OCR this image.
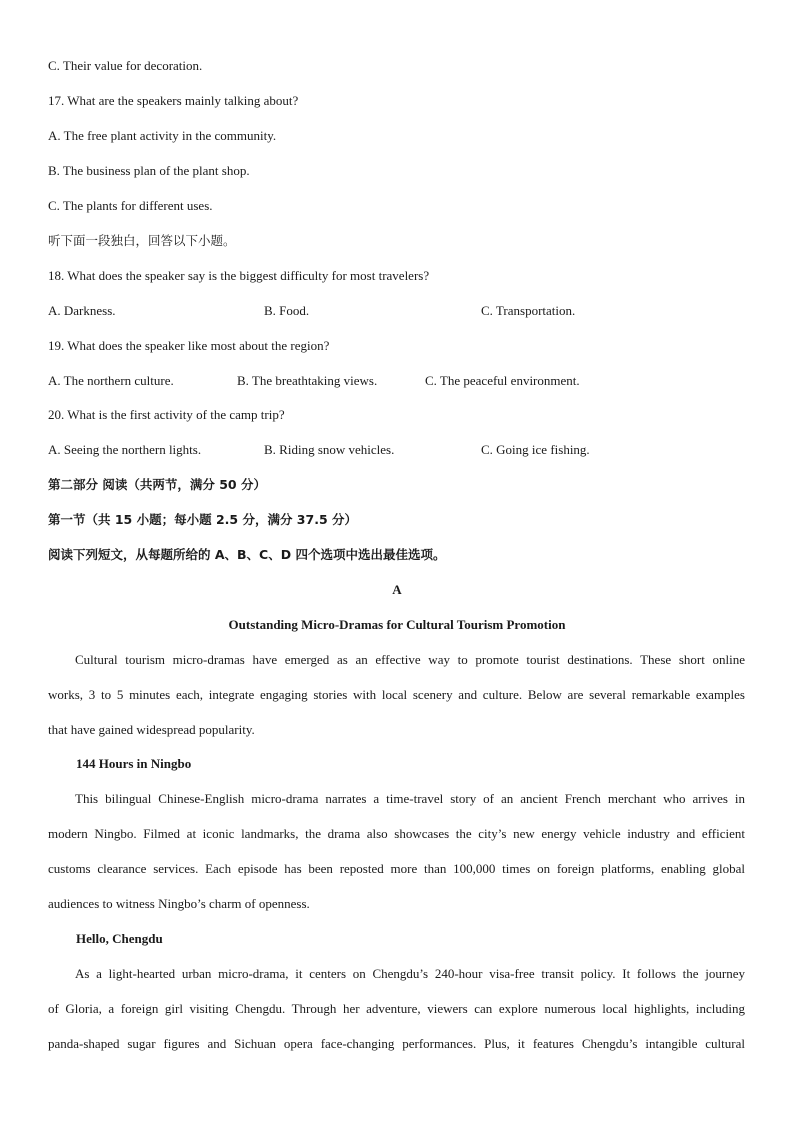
C. Their value for decoration.
17. What are the speakers mainly talking about?
A. The free plant activity in the community.
B. The business plan of the plant shop.
C. The plants for different uses.
听下面一段独白，回答以下小题。
18. What does the speaker say is the biggest difficulty for most travelers?
A. Darkness.	B. Food.	C. Transportation.
19. What does the speaker like most about the region?
A. The northern culture.	B. The breathtaking views.	C. The peaceful environment.
20. What is the first activity of the camp trip?
A. Seeing the northern lights.	B. Riding snow vehicles.	C. Going ice fishing.
第二部分 阅读（共两节，满分 50 分）
第一节（共 15 小题；每小题 2.5 分，满分 37.5 分）
阅读下列短文，从每题所给的 A、B、C、D 四个选项中选出最佳选项。
A
Outstanding Micro-Dramas for Cultural Tourism Promotion
Cultural tourism micro-dramas have emerged as an effective way to promote tourist destinations. These short online
works, 3 to 5 minutes each, integrate engaging stories with local scenery and culture. Below are several remarkable examples
that have gained widespread popularity.
144 Hours in Ningbo
This bilingual Chinese-English micro-drama narrates a time-travel story of an ancient French merchant who arrives in
modern Ningbo. Filmed at iconic landmarks, the drama also showcases the city’s new energy vehicle industry and efficient
customs clearance services. Each episode has been reposted more than 100,000 times on foreign platforms, enabling global
audiences to witness Ningbo’s charm of openness.
Hello, Chengdu
As a light-hearted urban micro-drama, it centers on Chengdu’s 240-hour visa-free transit policy. It follows the journey
of Gloria, a foreign girl visiting Chengdu. Through her adventure, viewers can explore numerous local highlights, including
panda-shaped sugar figures and Sichuan opera face-changing performances. Plus, it features Chengdu’s intangible cultural
